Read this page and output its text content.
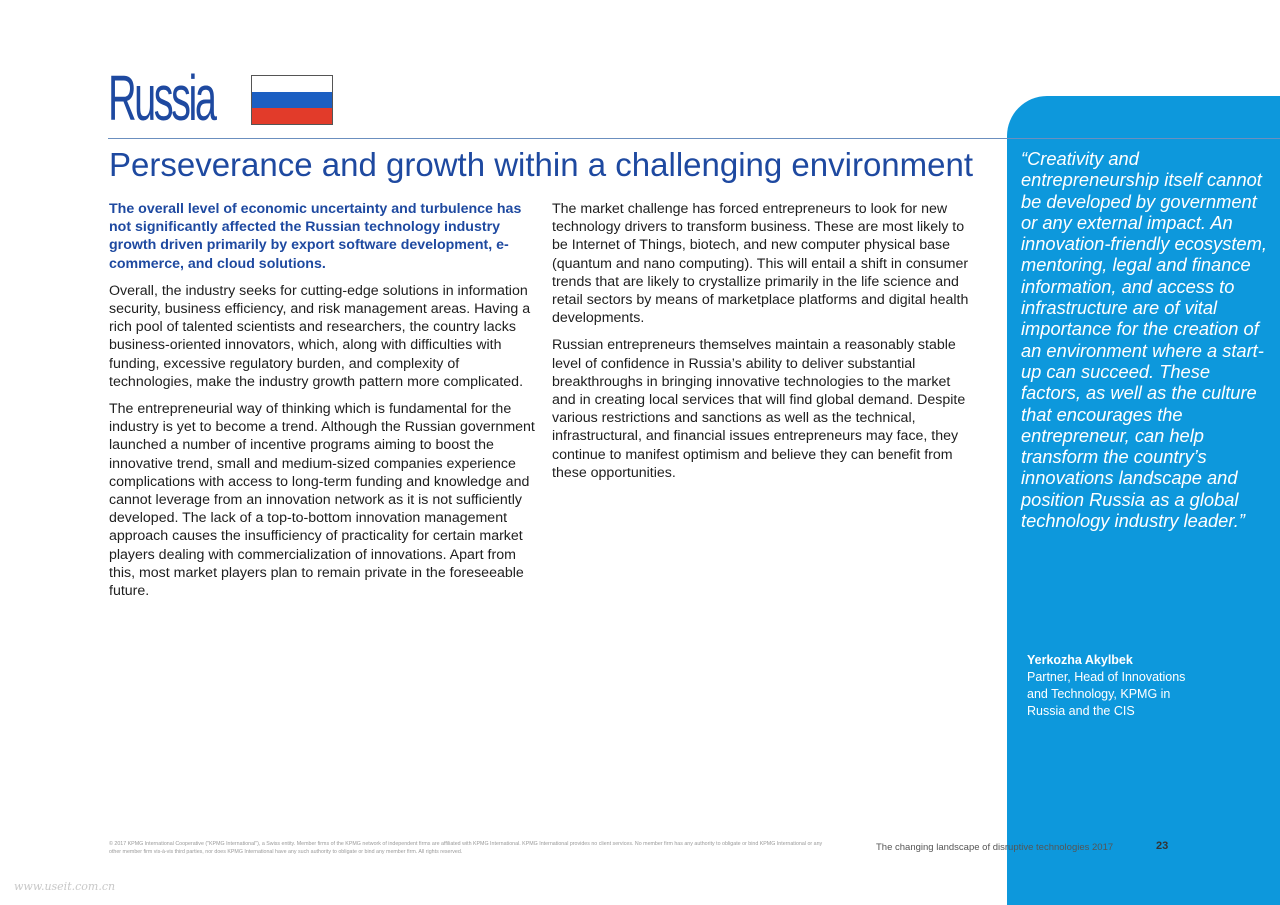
Russia
Perseverance and growth within a challenging environment

The overall level of economic uncertainty and turbulence has not significantly affected the Russian technology industry growth driven primarily by export software development, e-commerce, and cloud solutions.

Overall, the industry seeks for cutting-edge solutions in information security, business efficiency, and risk management areas. Having a rich pool of talented scientists and researchers, the country lacks business-oriented innovators, which, along with difficulties with funding, excessive regulatory burden, and complexity of technologies, make the industry growth pattern more complicated.

The entrepreneurial way of thinking which is fundamental for the industry is yet to become a trend. Although the Russian government launched a number of incentive programs aiming to boost the innovative trend, small and medium-sized companies experience complications with access to long-term funding and knowledge and cannot leverage from an innovation network as it is not sufficiently developed. The lack of a top-to-bottom innovation management approach causes the insufficiency of practicality for certain market players dealing with commercialization of innovations. Apart from this, most market players plan to remain private in the foreseeable future.

The market challenge has forced entrepreneurs to look for new technology drivers to transform business. These are most likely to be Internet of Things, biotech, and new computer physical base (quantum and nano computing). This will entail a shift in consumer trends that are likely to crystallize primarily in the life science and retail sectors by means of marketplace platforms and digital health developments.

Russian entrepreneurs themselves maintain a reasonably stable level of confidence in Russia’s ability to deliver substantial breakthroughs in bringing innovative technologies to the market and in creating local services that will find global demand. Despite various restrictions and sanctions as well as the technical, infrastructural, and financial issues entrepreneurs may face, they continue to manifest optimism and believe they can benefit from these opportunities.

“Creativity and entrepreneurship itself cannot be developed by government or any external impact. An innovation-friendly ecosystem, mentoring, legal and finance information, and access to infrastructure are of vital importance for the creation of an environment where a start-up can succeed. These factors, as well as the culture that encourages the entrepreneur, can help transform the country’s innovations landscape and position Russia as a global technology industry leader.”
Yerkozha Akylbek
Partner, Head of Innovations and Technology, KPMG in Russia and the CIS
© 2017 KPMG International Cooperative ("KPMG International"), a Swiss entity. Member firms of the KPMG network of independent firms are affiliated with KPMG International. KPMG International provides no client services. No member firm has any authority to obligate or bind KPMG International or any other member firm vis-à-vis third parties, nor does KPMG International have any such authority to obligate or bind any member firm. All rights reserved.	The changing landscape of disruptive technologies 2017	23
www.useit.com.cn
